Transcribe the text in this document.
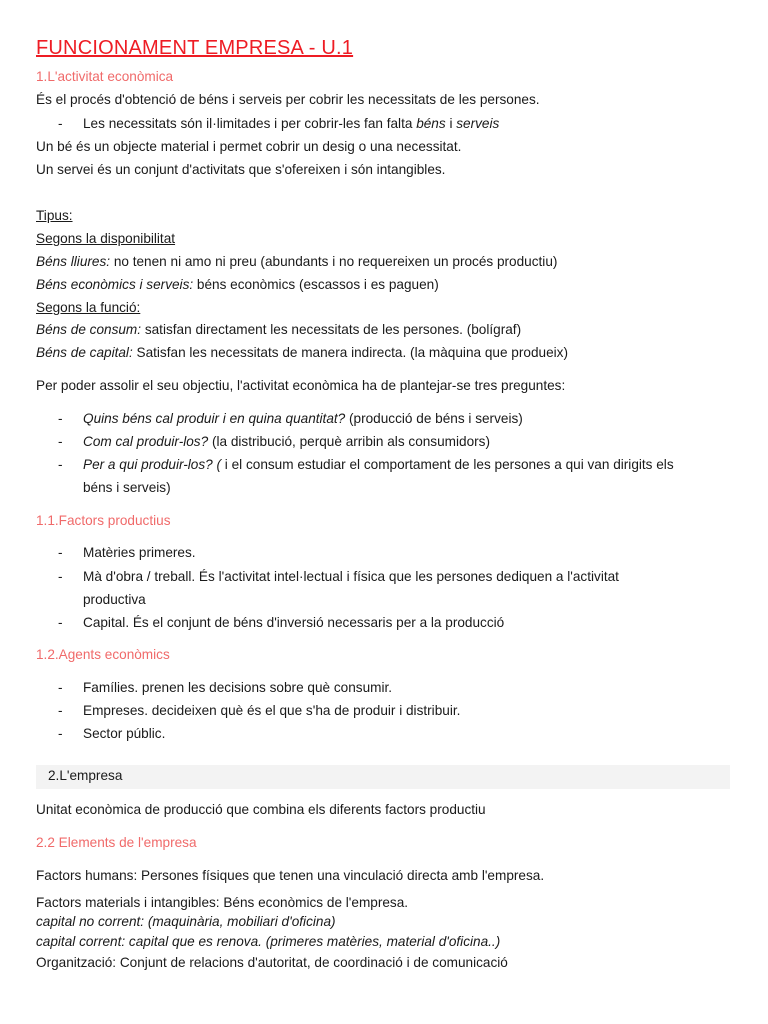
FUNCIONAMENT EMPRESA - U.1
1.L'activitat econòmica
És el procés d'obtenció de béns i serveis per cobrir les necessitats de les persones.
- Les necessitats són il·limitades i per cobrir-les fan falta béns i serveis
Un bé és un objecte material i permet cobrir un desig o una necessitat.
Un servei és un conjunt d'activitats que s'ofereixen i són intangibles.
Tipus:
Segons la disponibilitat
Béns lliures: no tenen ni amo ni preu (abundants i no requereixen un procés productiu)
Béns econòmics i serveis: béns econòmics (escassos i es paguen)
Segons la funció:
Béns de consum: satisfan directament les necessitats de les persones. (bolígraf)
Béns de capital: Satisfan les necessitats de manera indirecta. (la màquina que produeix)
Per poder assolir el seu objectiu, l'activitat econòmica ha de plantejar-se tres preguntes:
- Quins béns cal produir i en quina quantitat? (producció de béns i serveis)
- Com cal produir-los? (la distribució, perquè arribin als consumidors)
- Per a qui produir-los? ( i el consum estudiar el comportament de les persones a qui van dirigits els
béns i serveis)
1.1.Factors productius
- Matèries primeres.
- Mà d'obra / treball. És l'activitat intel·lectual i física que les persones dediquen a l'activitat
productiva
- Capital. És el conjunt de béns d'inversió necessaris per a la producció
1.2.Agents econòmics
- Famílies. prenen les decisions sobre què consumir.
- Empreses. decideixen què és el que s'ha de produir i distribuir.
- Sector públic.
2.L'empresa
Unitat econòmica de producció que combina els diferents factors productiu
2.2 Elements de l'empresa
Factors humans: Persones físiques que tenen una vinculació directa amb l'empresa.
Factors materials i intangibles: Béns econòmics de l'empresa.
capital no corrent: (maquinària, mobiliari d'oficina)
capital corrent: capital que es renova. (primeres matèries, material d'oficina..)
Organització: Conjunt de relacions d'autoritat, de coordinació i de comunicació
